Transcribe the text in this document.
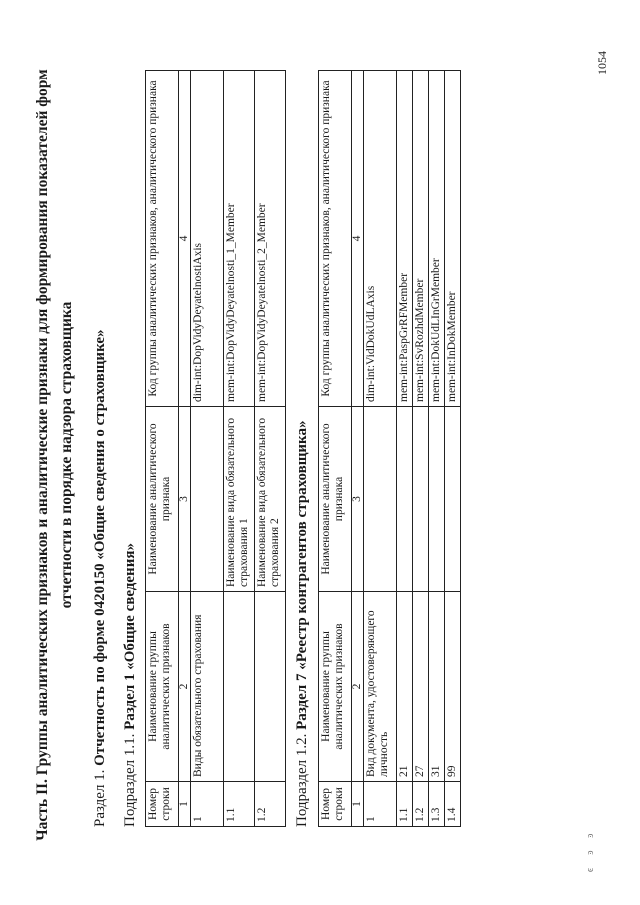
Часть II. Группы аналитических признаков и аналитические признаки для формирования показателей форм отчетности в порядке надзора страховщика
Раздел 1. Отчетность по форме 0420150 «Общие сведения о страховщике»
Подраздел 1.1. Раздел 1 «Общие сведения»
Номер строки	Наименование группы аналитических признаков	Наименование аналитического признака	Код группы аналитических признаков, аналитического признака
1	2	3	4
1	Виды обязательного страхования		dim-int:DopVidyDeyatelnostiAxis
1.1		Наименование вида обязательного страхования 1	mem-int:DopVidyDeyatelnosti_1_Member
1.2		Наименование вида обязательного страхования 2	mem-int:DopVidyDeyatelnosti_2_Member
Подраздел 1.2. Раздел 7 «Реестр контрагентов страховщика»
Номер строки	Наименование группы аналитических признаков	Наименование аналитического признака	Код группы аналитических признаков, аналитического признака
1	2	3	4
1	Вид документа, удостоверяющего личность		dim-int:VidDokUdLAxis
1.1	21		mem-int:PaspGrRFMember
1.2	27		mem-int:SvRozhdMember
1.3	31		mem-int:DokUdLInGrMember
1.4	99		mem-int:InDokMember
ͼ ͽ ͽ
1054
